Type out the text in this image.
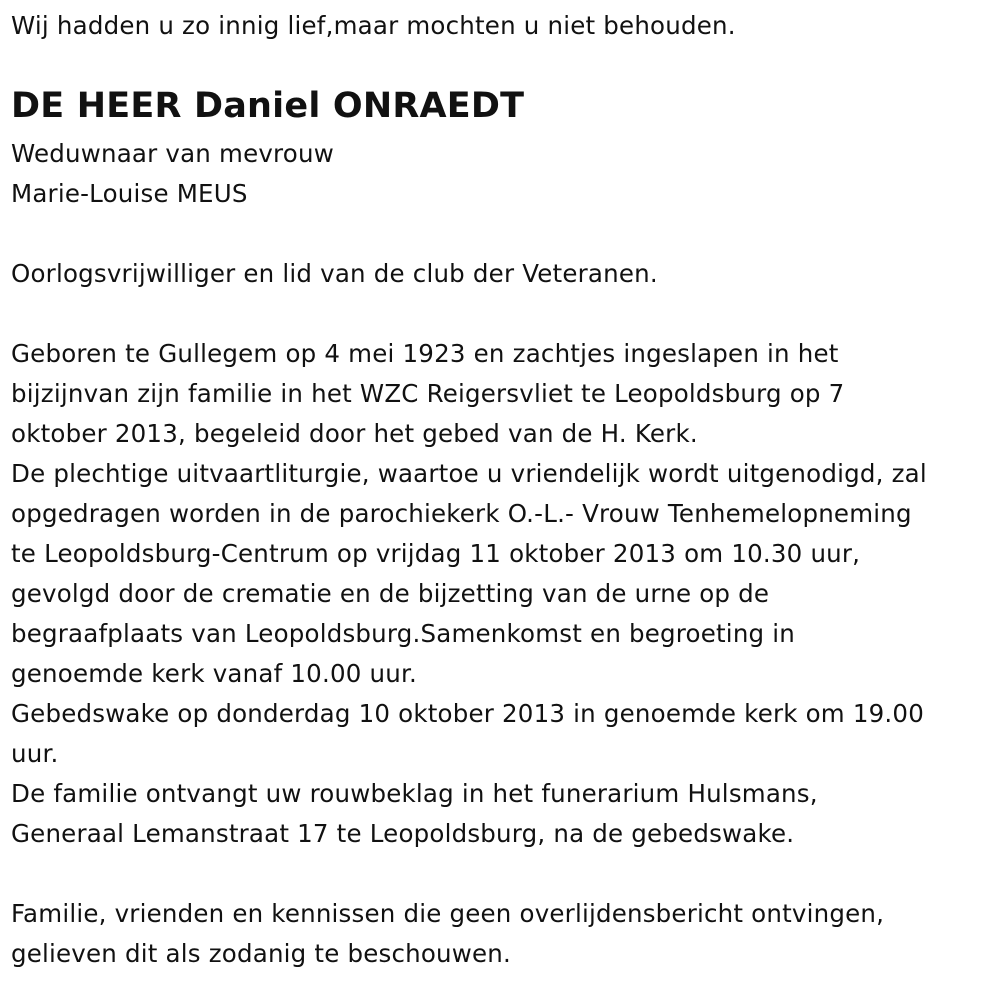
Wij hadden u zo innig lief,maar mochten u niet behouden.

DE HEER Daniel ONRAEDT

Weduwnaar van mevrouw

Marie-Louise MEUS

Oorlogsvrijwilliger en lid van de club der Veteranen.

Geboren te Gullegem op 4 mei 1923 en zachtjes ingeslapen in het

bijzijnvan zijn familie in het WZC Reigersvliet te Leopoldsburg op 7

oktober 2013, begeleid door het gebed van de H. Kerk.

De plechtige uitvaartliturgie, waartoe u vriendelijk wordt uitgenodigd, zal

opgedragen worden in de parochiekerk O.-L.- Vrouw Tenhemelopneming

te Leopoldsburg-Centrum op vrijdag 11 oktober 2013 om 10.30 uur,

gevolgd door de crematie en de bijzetting van de urne op de

begraafplaats van Leopoldsburg.Samenkomst en begroeting in

genoemde kerk vanaf 10.00 uur.

Gebedswake op donderdag 10 oktober 2013 in genoemde kerk om 19.00

uur.

De familie ontvangt uw rouwbeklag in het funerarium Hulsmans,

Generaal Lemanstraat 17 te Leopoldsburg, na de gebedswake.

Familie, vrienden en kennissen die geen overlijdensbericht ontvingen,

gelieven dit als zodanig te beschouwen.
